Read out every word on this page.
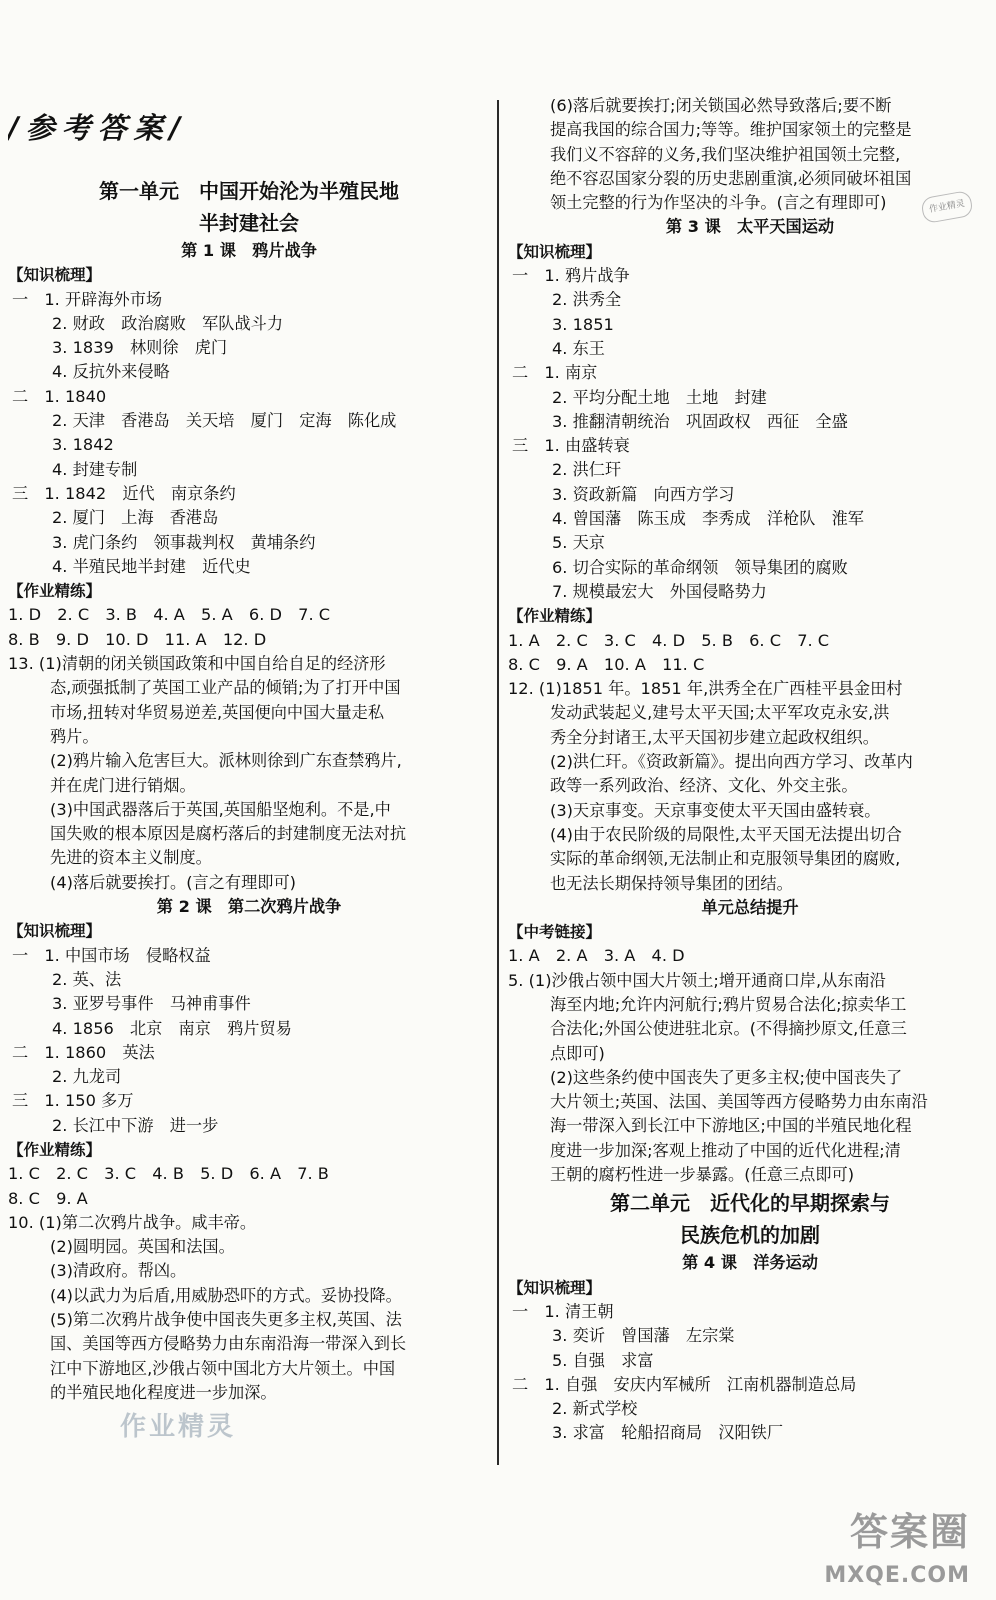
/参考答案/
第一单元　中国开始沦为半殖民地
半封建社会
第 1 课　鸦片战争
【知识梳理】
一　1. 开辟海外市场
2. 财政　政治腐败　军队战斗力
3. 1839　林则徐　虎门
4. 反抗外来侵略
二　1. 1840
2. 天津　香港岛　关天培　厦门　定海　陈化成
3. 1842
4. 封建专制
三　1. 1842　近代　南京条约
2. 厦门　上海　香港岛
3. 虎门条约　领事裁判权　黄埔条约
4. 半殖民地半封建　近代史
【作业精练】
1. D　2. C　3. B　4. A　5. A　6. D　7. C
8. B　9. D　10. D　11. A　12. D
13. (1)清朝的闭关锁国政策和中国自给自足的经济形
态,顽强抵制了英国工业产品的倾销;为了打开中国
市场,扭转对华贸易逆差,英国便向中国大量走私
鸦片。
(2)鸦片输入危害巨大。派林则徐到广东查禁鸦片,
并在虎门进行销烟。
(3)中国武器落后于英国,英国船坚炮利。不是,中
国失败的根本原因是腐朽落后的封建制度无法对抗
先进的资本主义制度。
(4)落后就要挨打。(言之有理即可)
第 2 课　第二次鸦片战争
【知识梳理】
一　1. 中国市场　侵略权益
2. 英、法
3. 亚罗号事件　马神甫事件
4. 1856　北京　南京　鸦片贸易
二　1. 1860　英法
2. 九龙司
三　1. 150 多万
2. 长江中下游　进一步
【作业精练】
1. C　2. C　3. C　4. B　5. D　6. A　7. B
8. C　9. A
10. (1)第二次鸦片战争。咸丰帝。
(2)圆明园。英国和法国。
(3)清政府。帮凶。
(4)以武力为后盾,用威胁恐吓的方式。妥协投降。
(5)第二次鸦片战争使中国丧失更多主权,英国、法
国、美国等西方侵略势力由东南沿海一带深入到长
江中下游地区,沙俄占领中国北方大片领土。中国
的半殖民地化程度进一步加深。
作业精灵
(6)落后就要挨打;闭关锁国必然导致落后;要不断
提高我国的综合国力;等等。维护国家领土的完整是
我们义不容辞的义务,我们坚决维护祖国领土完整,
绝不容忍国家分裂的历史悲剧重演,必须同破坏祖国
领土完整的行为作坚决的斗争。(言之有理即可)
第 3 课　太平天国运动
【知识梳理】
一　1. 鸦片战争
2. 洪秀全
3. 1851
4. 东王
二　1. 南京
2. 平均分配土地　土地　封建
3. 推翻清朝统治　巩固政权　西征　全盛
三　1. 由盛转衰
2. 洪仁玕
3. 资政新篇　向西方学习
4. 曾国藩　陈玉成　李秀成　洋枪队　淮军
5. 天京
6. 切合实际的革命纲领　领导集团的腐败
7. 规模最宏大　外国侵略势力
【作业精练】
1. A　2. C　3. C　4. D　5. B　6. C　7. C
8. C　9. A　10. A　11. C
12. (1)1851 年。1851 年,洪秀全在广西桂平县金田村
发动武装起义,建号太平天国;太平军攻克永安,洪
秀全分封诸王,太平天国初步建立起政权组织。
(2)洪仁玕。《资政新篇》。提出向西方学习、改革内
政等一系列政治、经济、文化、外交主张。
(3)天京事变。天京事变使太平天国由盛转衰。
(4)由于农民阶级的局限性,太平天国无法提出切合
实际的革命纲领,无法制止和克服领导集团的腐败,
也无法长期保持领导集团的团结。
单元总结提升
【中考链接】
1. A　2. A　3. A　4. D
5. (1)沙俄占领中国大片领土;增开通商口岸,从东南沿
海至内地;允许内河航行;鸦片贸易合法化;掠卖华工
合法化;外国公使进驻北京。(不得摘抄原文,任意三
点即可)
(2)这些条约使中国丧失了更多主权;使中国丧失了
大片领土;英国、法国、美国等西方侵略势力由东南沿
海一带深入到长江中下游地区;中国的半殖民地化程
度进一步加深;客观上推动了中国的近代化进程;清
王朝的腐朽性进一步暴露。(任意三点即可)
第二单元　近代化的早期探索与
民族危机的加剧
第 4 课　洋务运动
【知识梳理】
一　1. 清王朝
3. 奕䜣　曾国藩　左宗棠
5. 自强　求富
二　1. 自强　安庆内军械所　江南机器制造总局
2. 新式学校
3. 求富　轮船招商局　汉阳铁厂
作业精灵
答案圈
MXQE.COM
